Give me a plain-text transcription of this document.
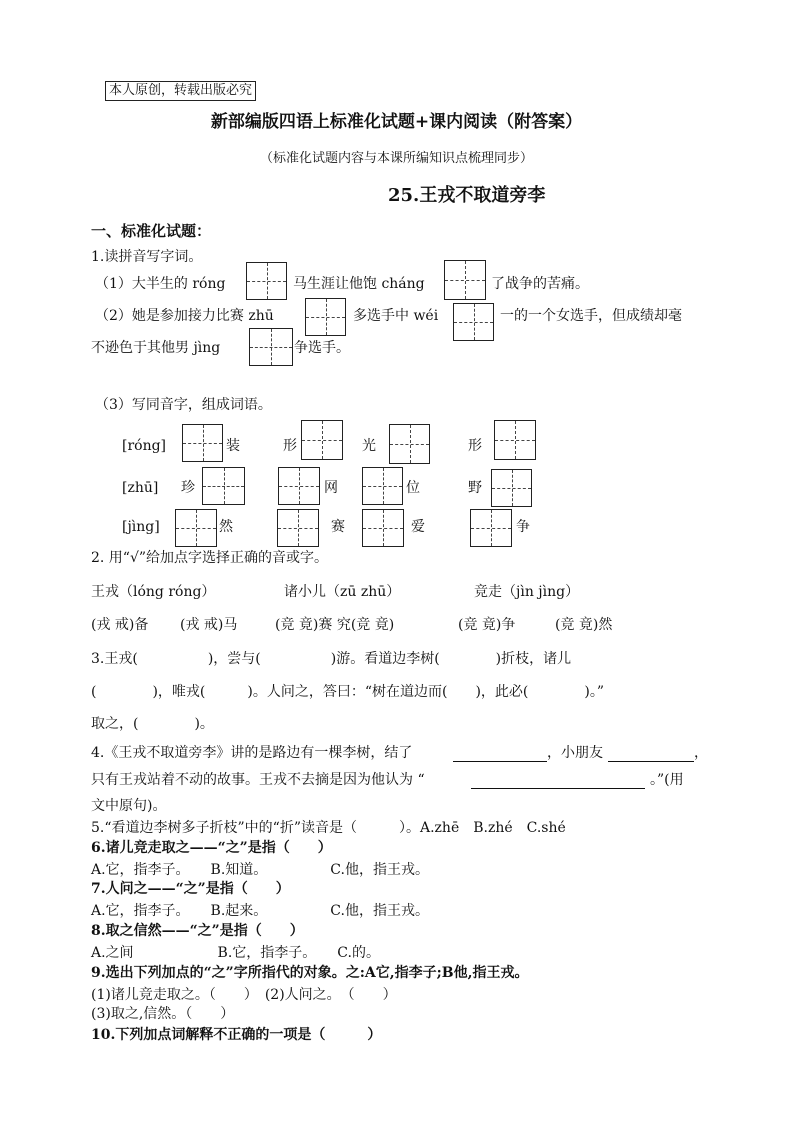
本人原创，转载出版必究
新部编版四语上标准化试题+课内阅读（附答案）
（标准化试题内容与本课所编知识点梳理同步）
25.王戎不取道旁李
一、标准化试题：
1.读拼音写字词。
（1）大半生的 róng	马生涯让他饱 cháng	了战争的苦痛。
（2）她是参加接力比赛 zhū	多选手中 wéi	一的一个女选手，但成绩却毫
不逊色于其他男 jìng	争选手。
（3）写同音字，组成词语。
[róng]	装	形	光	形
[zhū] 珍	网	位	野
[jìng]	然	赛	爱	争
2. 用“√”给加点字选择正确的音或字。
王戎（lóng róng）	诸小儿（zū zhū）	竞走（jìn jìng）
(戎 戒)备 (戎 戒)马	(竞 竟)赛 究(竞 竟)	(竞 竟)争	(竞 竟)然
3.王戎(　　　　　)，尝与(　　　　　)游。看道边李树(　　　　)折枝，诸儿
(　　　　)，唯戎(　　　)。人问之，答曰：“树在道边而(　　)，此必(　　　　)。”
取之，(　　　　)。
4.《王戎不取道旁李》讲的是路边有一棵李树，结了	，小朋友	，
只有王戎站着不动的故事。王戎不去摘是因为他认为 “	。”(用
文中原句)。
5.“看道边李树多子折枝”中的“折”读音是（　　　）。A.zhē　B.zhé　C.shé
6.诸儿竞走取之——“之”是指（　　）
A.它，指李子。　　B.知道。　　　　　C.他，指王戎。
7.人问之——“之”是指（　　）
A.它，指李子。　　B.起来。　　　　　C.他，指王戎。
8.取之信然——“之”是指（　　）
A.之间　　　　　　B.它，指李子。　　C.的。
9.选出下列加点的“之”字所指代的对象。之:A它,指李子;B他,指王戎。
(1)诸儿竞走取之。（　　）　(2)人问之。　（　　）
(3)取之,信然。（　　）
10.下列加点词解释不正确的一项是（　　　）
